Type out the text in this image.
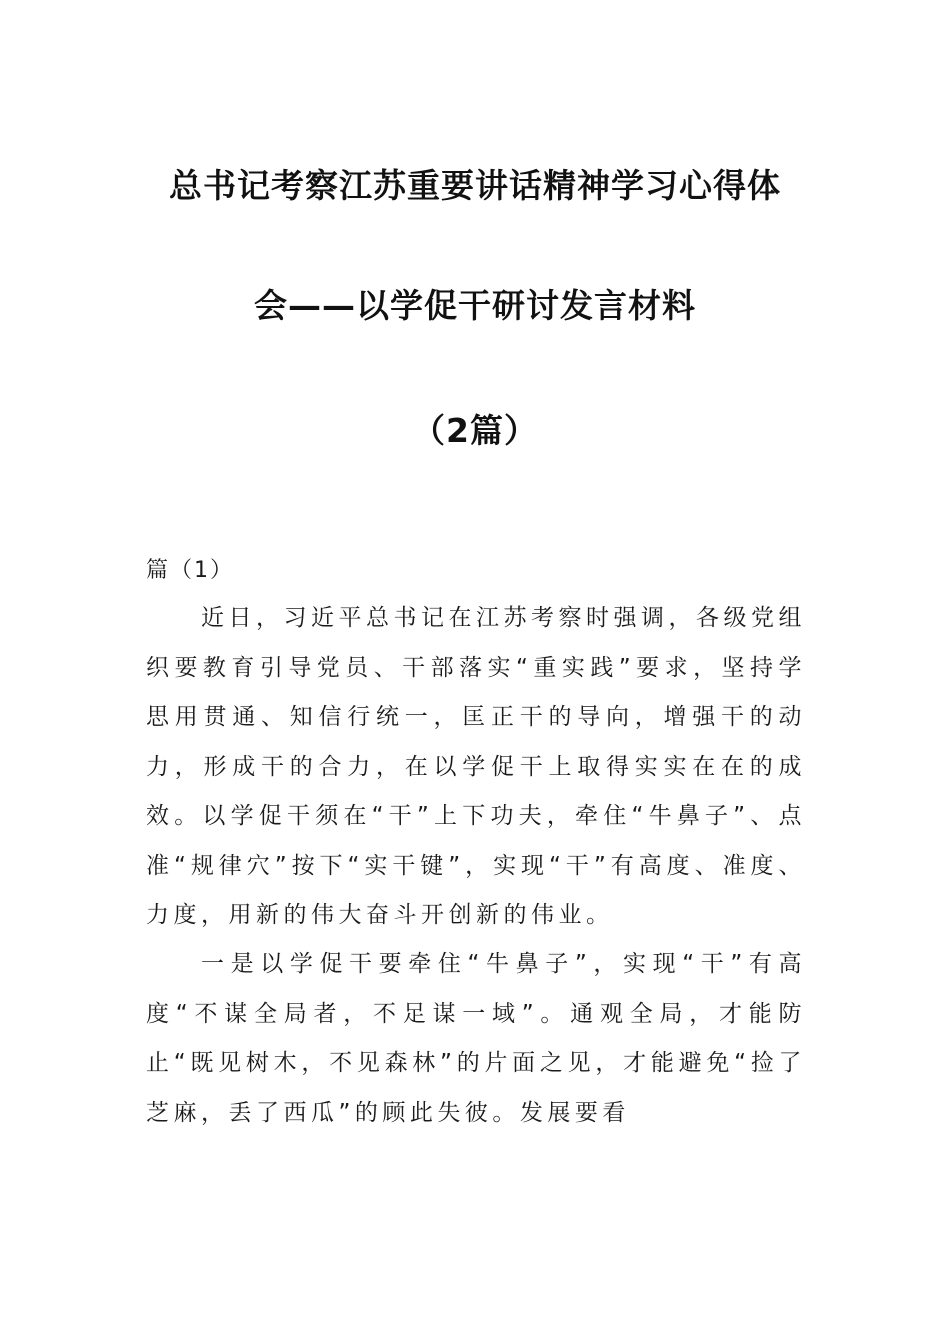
总书记考察江苏重要讲话精神学习心得体
会——以学促干研讨发言材料
（2篇）
篇（1）

近日，习近平总书记在江苏考察时强调，各级党组织要教育引导党员、干部落实“重实践”要求，坚持学思用贯通、知信行统一，匡正干的导向，增强干的动力，形成干的合力，在以学促干上取得实实在在的成效。以学促干须在“干”上下功夫，牵住“牛鼻子”、点准“规律穴”按下“实干键”，实现“干”有高度、准度、力度，用新的伟大奋斗开创新的伟业。

一是以学促干要牵住“牛鼻子”，实现“干”有高度“不谋全局者，不足谋一域”。通观全局，才能防止“既见树木，不见森林”的片面之见，才能避免“捡了芝麻，丢了西瓜”的顾此失彼。发展要看
